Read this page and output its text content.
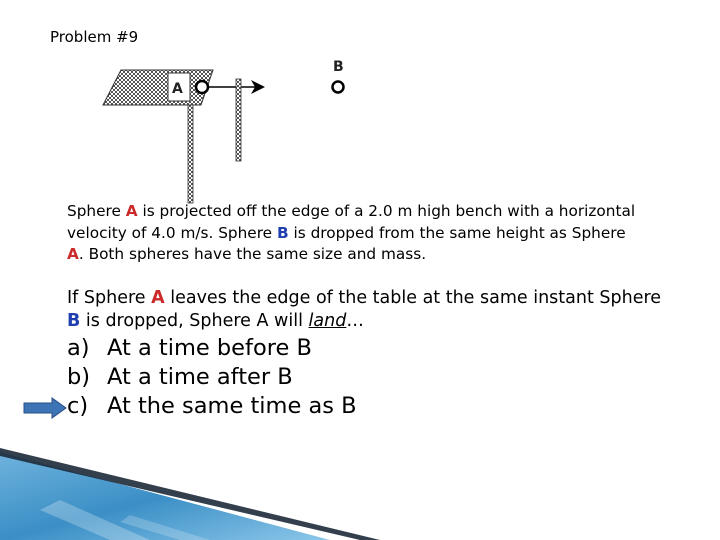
Problem #9
A
B
Sphere A is projected off the edge of a 2.0 m high bench with a horizontal velocity of 4.0 m/s. Sphere B is dropped from the same height as Sphere A. Both spheres have the same size and mass.
If Sphere A leaves the edge of the table at the same instant Sphere B is dropped, Sphere A will land…
a) At a time before B
b) At a time after B
c) At the same time as B
